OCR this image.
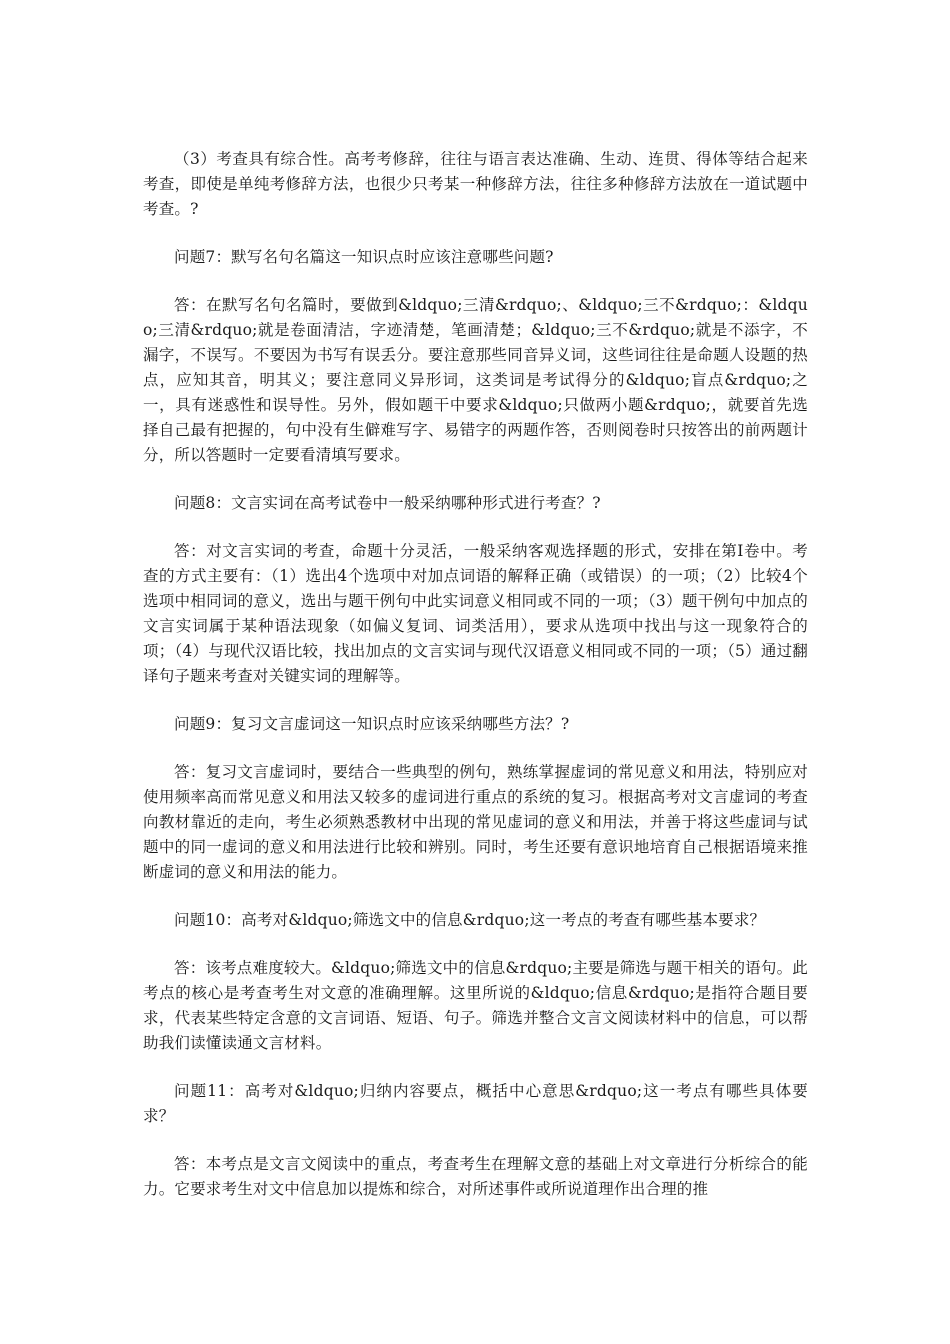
（3）考查具有综合性。高考考修辞，往往与语言表达准确、生动、连贯、得体等结合起来考查，即使是单纯考修辞方法，也很少只考某一种修辞方法，往往多种修辞方法放在一道试题中考查。?

问题7：默写名句名篇这一知识点时应该注意哪些问题?

答：在默写名句名篇时，要做到&ldquo;三清&rdquo;、&ldquo;三不&rdquo;：&ldquo;三清&rdquo;就是卷面清洁，字迹清楚，笔画清楚；&ldquo;三不&rdquo;就是不添字，不漏字，不误写。不要因为书写有误丢分。要注意那些同音异义词，这些词往往是命题人设题的热点，应知其音，明其义；要注意同义异形词，这类词是考试得分的&ldquo;盲点&rdquo;之一，具有迷惑性和误导性。另外，假如题干中要求&ldquo;只做两小题&rdquo;，就要首先选择自己最有把握的，句中没有生僻难写字、易错字的两题作答，否则阅卷时只按答出的前两题计分，所以答题时一定要看清填写要求。

问题8：文言实词在高考试卷中一般采纳哪种形式进行考查？?

答：对文言实词的考查，命题十分灵活，一般采纳客观选择题的形式，安排在第Ⅰ卷中。考查的方式主要有：（1）选出4个选项中对加点词语的解释正确（或错误）的一项；（2）比较4个选项中相同词的意义，选出与题干例句中此实词意义相同或不同的一项；（3）题干例句中加点的文言实词属于某种语法现象（如偏义复词、词类活用），要求从选项中找出与这一现象符合的项；（4）与现代汉语比较，找出加点的文言实词与现代汉语意义相同或不同的一项；（5）通过翻译句子题来考查对关键实词的理解等。

问题9：复习文言虚词这一知识点时应该采纳哪些方法？?

答：复习文言虚词时，要结合一些典型的例句，熟练掌握虚词的常见意义和用法，特别应对使用频率高而常见意义和用法又较多的虚词进行重点的系统的复习。根据高考对文言虚词的考查向教材靠近的走向，考生必须熟悉教材中出现的常见虚词的意义和用法，并善于将这些虚词与试题中的同一虚词的意义和用法进行比较和辨别。同时，考生还要有意识地培育自己根据语境来推断虚词的意义和用法的能力。

问题10：高考对&ldquo;筛选文中的信息&rdquo;这一考点的考查有哪些基本要求？

答：该考点难度较大。&ldquo;筛选文中的信息&rdquo;主要是筛选与题干相关的语句。此考点的核心是考查考生对文意的准确理解。这里所说的&ldquo;信息&rdquo;是指符合题目要求，代表某些特定含意的文言词语、短语、句子。筛选并整合文言文阅读材料中的信息，可以帮助我们读懂读通文言材料。

问题11：高考对&ldquo;归纳内容要点，概括中心意思&rdquo;这一考点有哪些具体要求？

答：本考点是文言文阅读中的重点，考查考生在理解文意的基础上对文章进行分析综合的能力。它要求考生对文中信息加以提炼和综合，对所述事件或所说道理作出合理的推
